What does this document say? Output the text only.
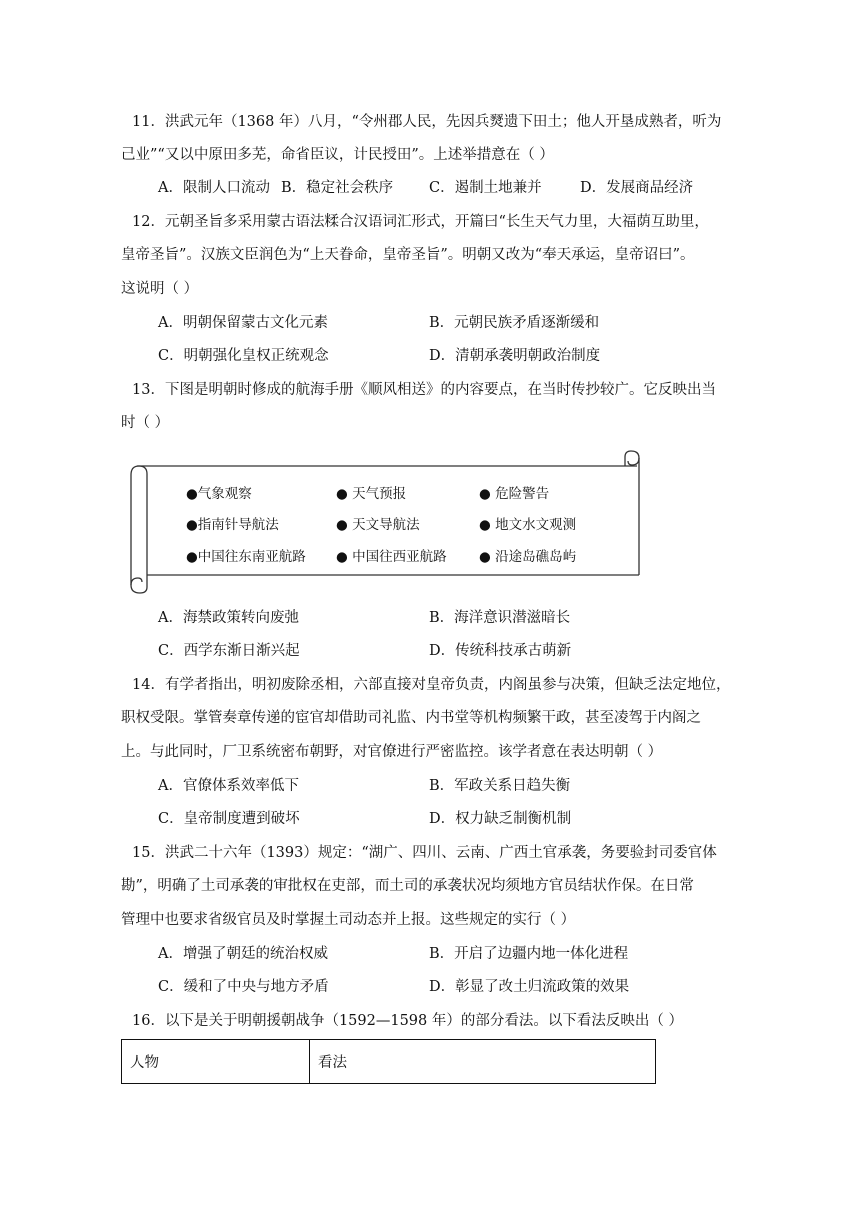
11．洪武元年（1368 年）八月，“令州郡人民，先因兵燹遗下田土；他人开垦成熟者，听为
己业”“又以中原田多芜，命省臣议，计民授田”。上述举措意在（ ）
A．限制人口流动 B．稳定社会秩序 C．遏制土地兼并	D．发展商品经济
12．元朝圣旨多采用蒙古语法糅合汉语词汇形式，开篇曰“长生天气力里，大福荫互助里，
皇帝圣旨”。汉族文臣润色为“上天眷命，皇帝圣旨”。明朝又改为“奉天承运，皇帝诏曰”。
这说明（ ）
A．明朝保留蒙古文化元素	B．元朝民族矛盾逐渐缓和
C．明朝强化皇权正统观念	D．清朝承袭明朝政治制度
13．下图是明朝时修成的航海手册《顺风相送》的内容要点，在当时传抄较广。它反映出当
时（ ）
●气象观察	● 天气预报	● 危险警告
●指南针导航法	● 天文导航法	● 地文水文观测
●中国往东南亚航路 ● 中国往西亚航路 ● 沿途岛礁岛屿
A．海禁政策转向废弛	B．海洋意识潜滋暗长
C．西学东渐日渐兴起	D．传统科技承古萌新
14．有学者指出，明初废除丞相，六部直接对皇帝负责，内阁虽参与决策，但缺乏法定地位，
职权受限。掌管奏章传递的宦官却借助司礼监、内书堂等机构频繁干政，甚至凌驾于内阁之
上。与此同时，厂卫系统密布朝野，对官僚进行严密监控。该学者意在表达明朝（ ）
A．官僚体系效率低下	B．军政关系日趋失衡
C．皇帝制度遭到破坏	D．权力缺乏制衡机制
15．洪武二十六年（1393）规定：“湖广、四川、云南、广西土官承袭，务要验封司委官体
勘”，明确了土司承袭的审批权在吏部，而土司的承袭状况均须地方官员结状作保。在日常
管理中也要求省级官员及时掌握土司动态并上报。这些规定的实行（ ）
A．增强了朝廷的统治权威	B．开启了边疆内地一体化进程
C．缓和了中央与地方矛盾	D．彰显了改土归流政策的效果
16．以下是关于明朝援朝战争（1592—1598 年）的部分看法。以下看法反映出（ ）
人物	看法
